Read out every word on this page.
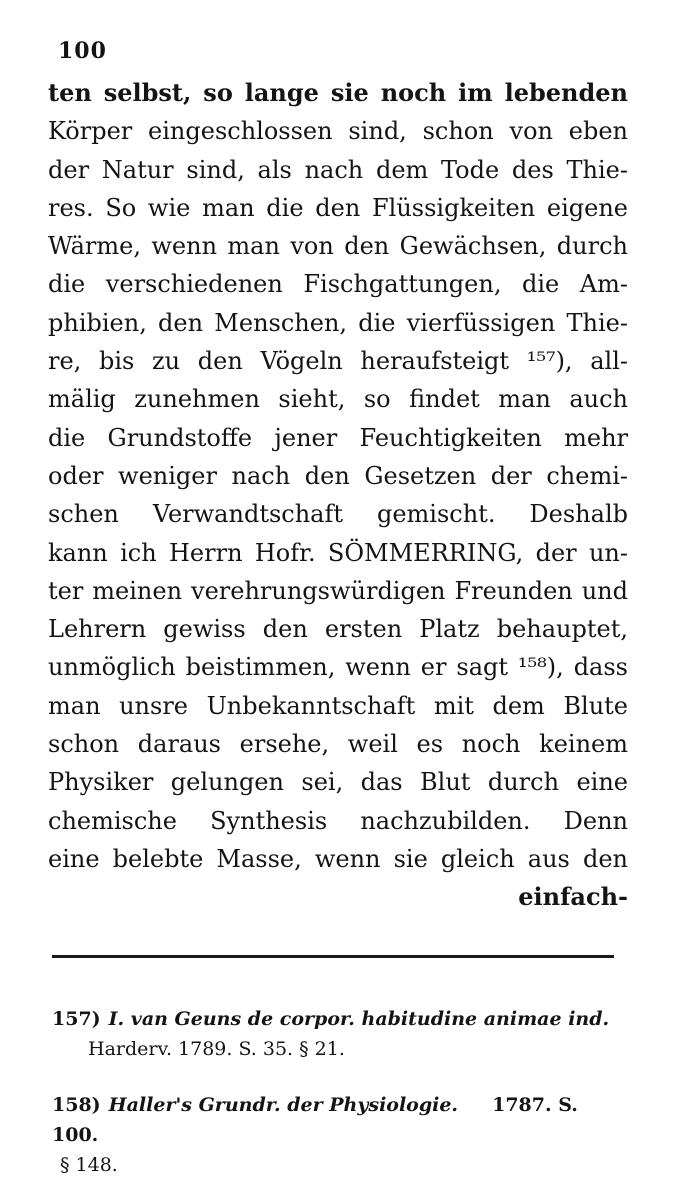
100
ten selbst, so lange sie noch im lebenden
Körper eingeschlossen sind, schon von eben
der Natur sind, als nach dem Tode des Thie-
res. So wie man die den Flüssigkeiten eigene
Wärme, wenn man von den Gewächsen, durch
die verschiedenen Fischgattungen, die Am-
phibien, den Menschen, die vierfüssigen Thie-
re, bis zu den Vögeln heraufsteigt ¹⁵⁷), all-
mälig zunehmen sieht, so findet man auch
die Grundstoffe jener Feuchtigkeiten mehr
oder weniger nach den Gesetzen der chemi-
schen Verwandtschaft gemischt. Deshalb
kann ich Herrn Hofr. SÖMMERRING, der un-
ter meinen verehrungswürdigen Freunden und
Lehrern gewiss den ersten Platz behauptet,
unmöglich beistimmen, wenn er sagt ¹⁵⁸), dass
man unsre Unbekanntschaft mit dem Blute
schon daraus ersehe, weil es noch keinem
Physiker gelungen sei, das Blut durch eine
chemische Synthesis nachzubilden. Denn
eine belebte Masse, wenn sie gleich aus den
einfach-
157) I. van Geuns de corpor. habitudine animae ind.
Harderv. 1789. S. 35. § 21.
158) Haller's Grundr. der Physiologie. 1787. S. 100.
§ 148.
